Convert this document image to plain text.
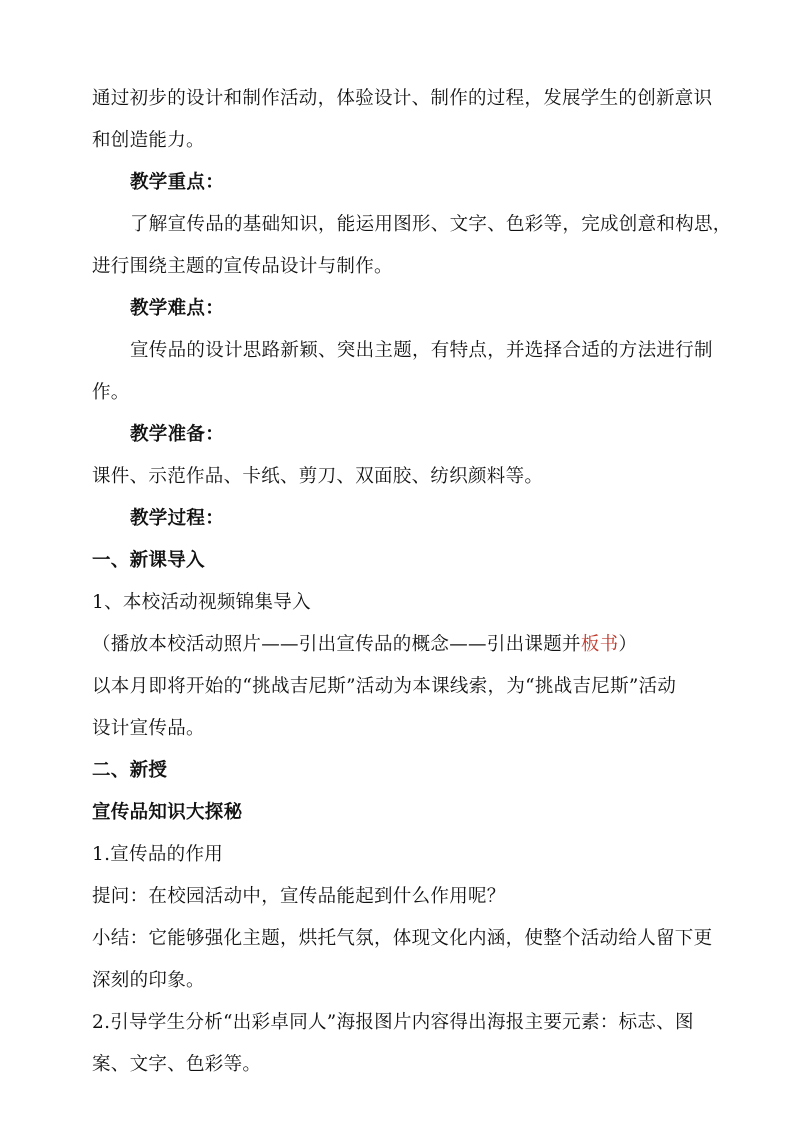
通过初步的设计和制作活动，体验设计、制作的过程，发展学生的创新意识
和创造能力。
教学重点：
了解宣传品的基础知识，能运用图形、文字、色彩等，完成创意和构思，
进行围绕主题的宣传品设计与制作。
教学难点：
宣传品的设计思路新颖、突出主题，有特点，并选择合适的方法进行制
作。
教学准备：
课件、示范作品、卡纸、剪刀、双面胶、纺织颜料等。
教学过程：
一、新课导入
1、本校活动视频锦集导入
（播放本校活动照片——引出宣传品的概念——引出课题并板书）
以本月即将开始的“挑战吉尼斯”活动为本课线索，为“挑战吉尼斯”活动
设计宣传品。
二、新授
宣传品知识大探秘
1.宣传品的作用
提问：在校园活动中，宣传品能起到什么作用呢？
小结：它能够强化主题，烘托气氛，体现文化内涵，使整个活动给人留下更
深刻的印象。
2.引导学生分析“出彩卓同人”海报图片内容得出海报主要元素：标志、图
案、文字、色彩等。
